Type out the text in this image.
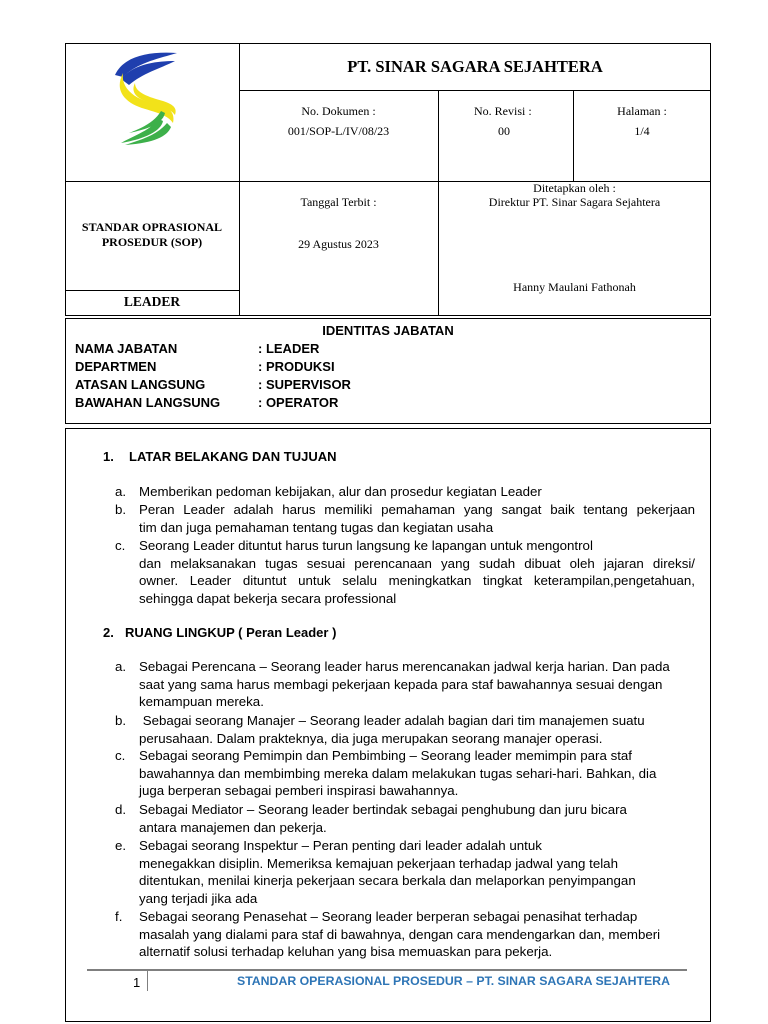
PT. SINAR SAGARA SEJAHTERA
No. Dokumen :
001/SOP-L/IV/08/23
No. Revisi :
00
Halaman :
1/4
STANDAR OPRASIONAL
PROSEDUR (SOP)
LEADER
Tanggal Terbit :
29 Agustus 2023
Ditetapkan oleh :
Direktur PT. Sinar Sagara Sejahtera
Hanny Maulani Fathonah
IDENTITAS JABATAN
NAMA JABATAN	: LEADER
DEPARTMEN	: PRODUKSI
ATASAN LANGSUNG	: SUPERVISOR
BAWAHAN LANGSUNG	: OPERATOR
1. LATAR BELAKANG DAN TUJUAN
a. Memberikan pedoman kebijakan, alur dan prosedur kegiatan Leader
b. Peran Leader adalah harus memiliki pemahaman yang sangat baik tentang pekerjaan
tim dan juga pemahaman tentang tugas dan kegiatan usaha
c.	Seorang Leader dituntut harus turun langsung ke lapangan untuk mengontrol
dan melaksanakan tugas sesuai perencanaan yang sudah dibuat oleh jajaran direksi/
owner. Leader dituntut untuk selalu meningkatkan tingkat keterampilan,pengetahuan,
sehingga dapat bekerja secara professional
2. RUANG LINGKUP ( Peran Leader )
a. Sebagai Perencana – Seorang leader harus merencanakan jadwal kerja harian. Dan pada
saat yang sama harus membagi pekerjaan kepada para staf bawahannya sesuai dengan
kemampuan mereka.
b. Sebagai seorang Manajer – Seorang leader adalah bagian dari tim manajemen suatu
perusahaan. Dalam prakteknya, dia juga merupakan seorang manajer operasi.
c.	Sebagai seorang Pemimpin dan Pembimbing – Seorang leader memimpin para staf
bawahannya dan membimbing mereka dalam melakukan tugas sehari-hari. Bahkan, dia
juga berperan sebagai pemberi inspirasi bawahannya.
d. Sebagai Mediator – Seorang leader bertindak sebagai penghubung dan juru bicara
antara manajemen dan pekerja.
e. Sebagai seorang Inspektur – Peran penting dari leader adalah untuk
menegakkan disiplin. Memeriksa kemajuan pekerjaan terhadap jadwal yang telah
ditentukan, menilai kinerja pekerjaan secara berkala dan melaporkan penyimpangan
yang terjadi jika ada
f.	Sebagai seorang Penasehat – Seorang leader berperan sebagai penasihat terhadap
masalah yang dialami para staf di bawahnya, dengan cara mendengarkan dan, memberi
alternatif solusi terhadap keluhan yang bisa memuaskan para pekerja.
1	STANDAR OPERASIONAL PROSEDUR – PT. SINAR SAGARA SEJAHTERA
